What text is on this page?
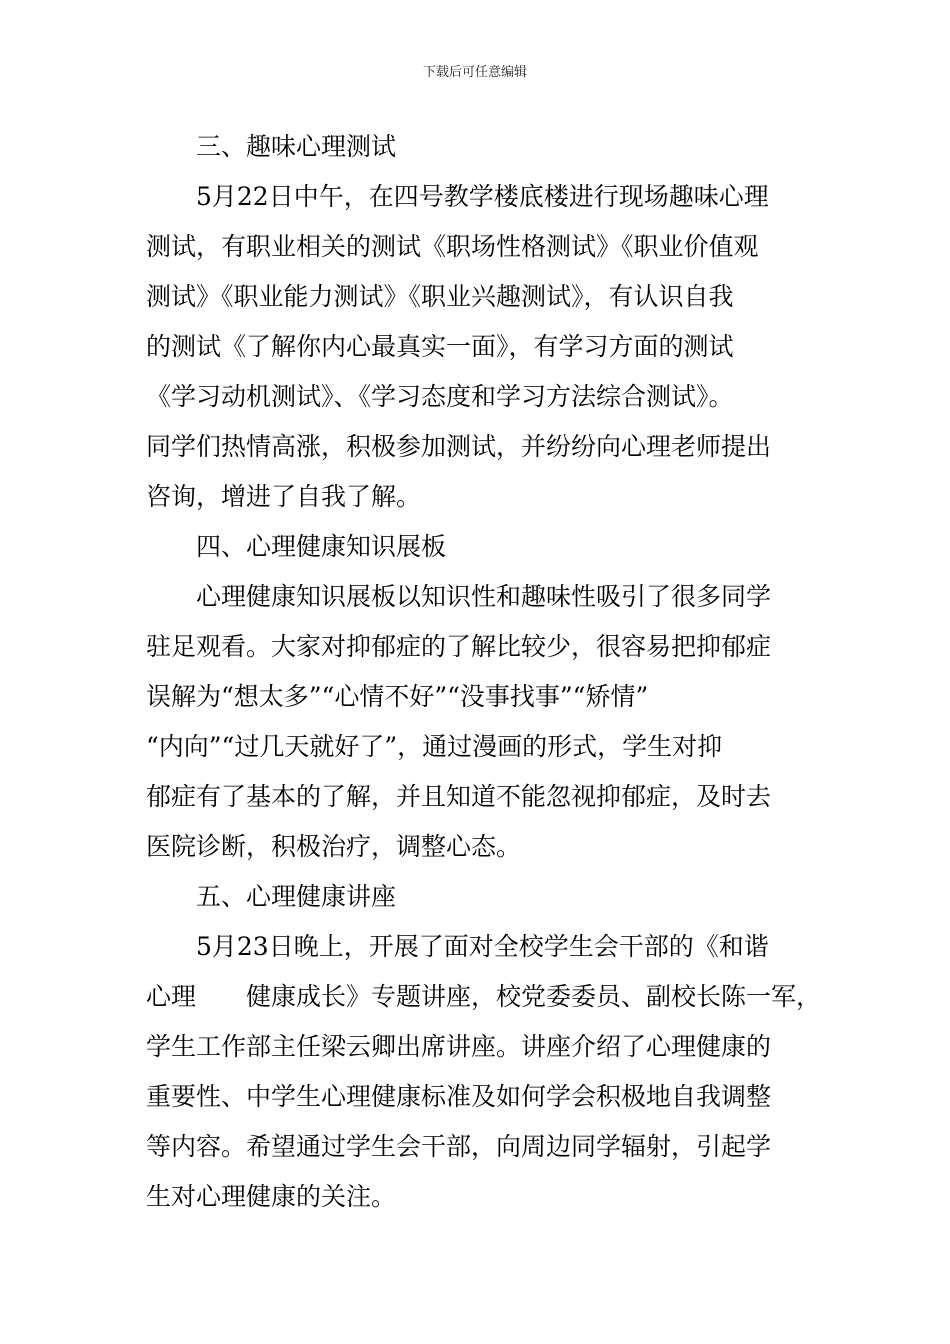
下载后可任意编辑
三、趣味心理测试
5月22日中午，在四号教学楼底楼进行现场趣味心理
测试，有职业相关的测试《职场性格测试》《职业价值观
测试》《职业能力测试》《职业兴趣测试》，有认识自我
的测试《了解你内心最真实一面》，有学习方面的测试
《学习动机测试》、《学习态度和学习方法综合测试》。
同学们热情高涨，积极参加测试，并纷纷向心理老师提出
咨询，增进了自我了解。
四、心理健康知识展板
心理健康知识展板以知识性和趣味性吸引了很多同学
驻足观看。大家对抑郁症的了解比较少，很容易把抑郁症
误解为“想太多”“心情不好”“没事找事”“矫情”
“内向”“过几天就好了”，通过漫画的形式，学生对抑
郁症有了基本的了解，并且知道不能忽视抑郁症，及时去
医院诊断，积极治疗，调整心态。
五、心理健康讲座
5月23日晚上，开展了面对全校学生会干部的《和谐
心理　　健康成长》专题讲座，校党委委员、副校长陈一军，
学生工作部主任梁云卿出席讲座。讲座介绍了心理健康的
重要性、中学生心理健康标准及如何学会积极地自我调整
等内容。希望通过学生会干部，向周边同学辐射，引起学
生对心理健康的关注。
